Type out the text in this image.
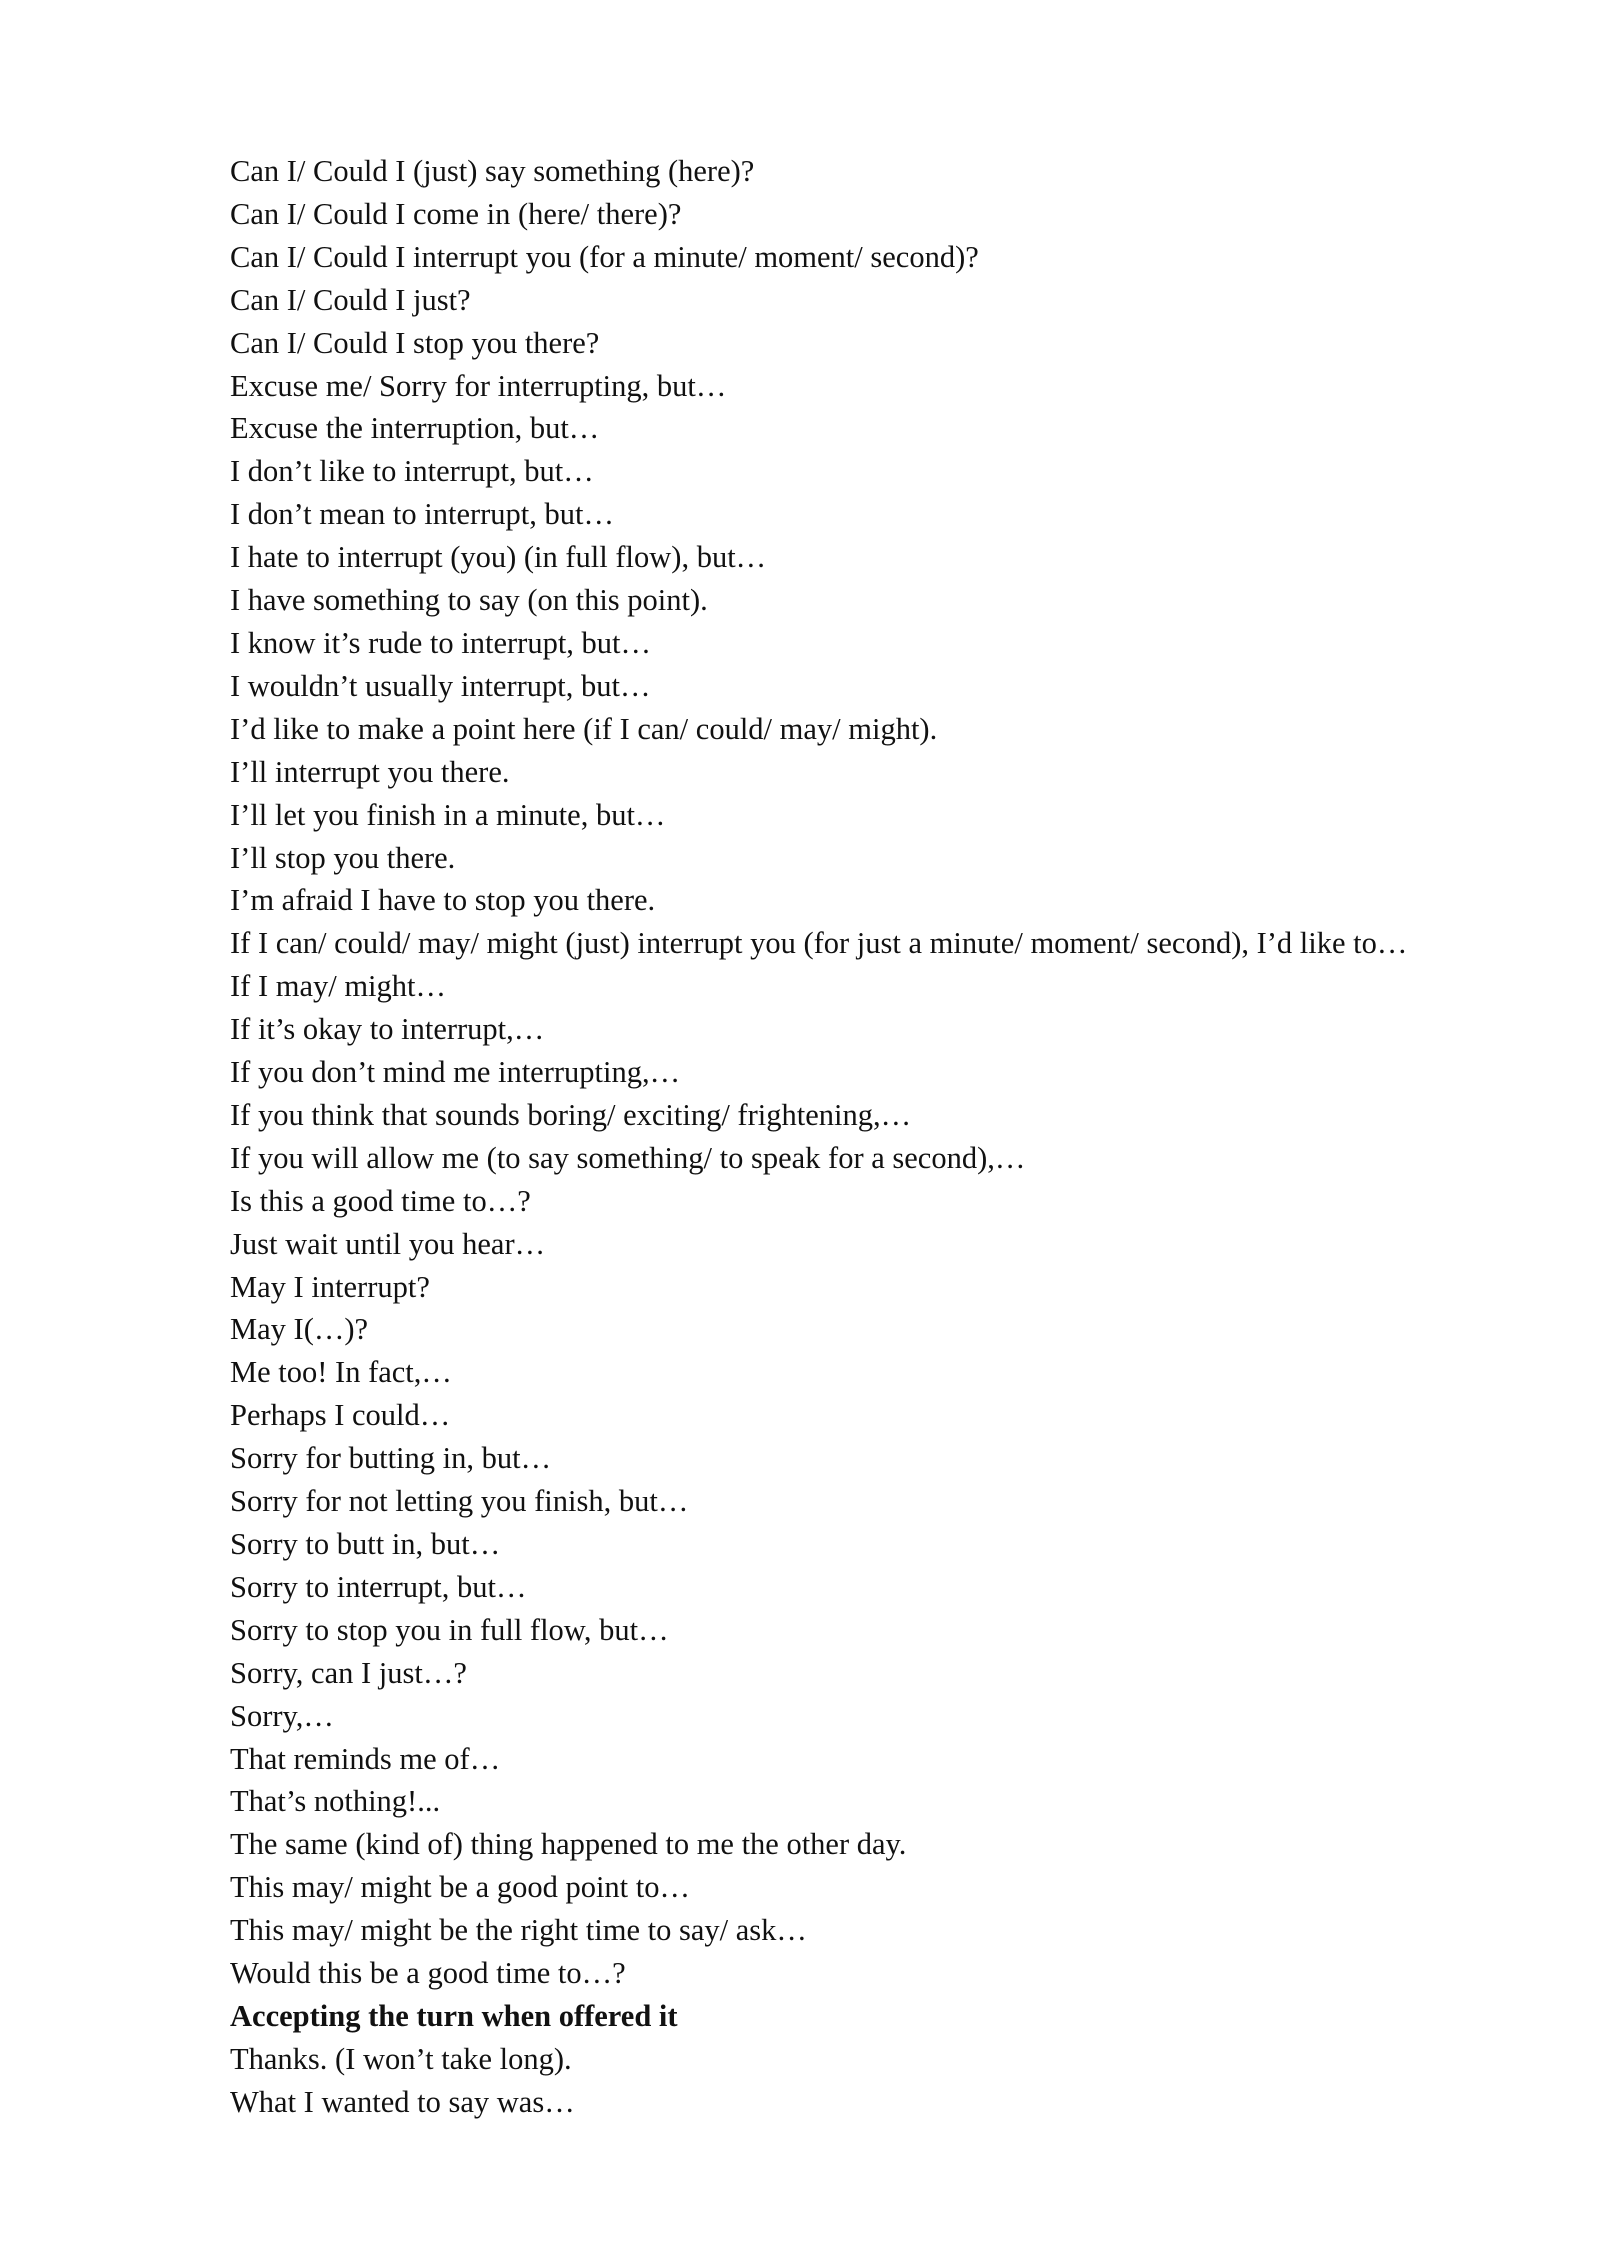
Can I/ Could I (just) say something (here)?
Can I/ Could I come in (here/ there)?
Can I/ Could I interrupt you (for a minute/ moment/ second)?
Can I/ Could I just?
Can I/ Could I stop you there?
Excuse me/ Sorry for interrupting, but…
Excuse the interruption, but…
I don’t like to interrupt, but…
I don’t mean to interrupt, but…
I hate to interrupt (you) (in full flow), but…
I have something to say (on this point).
I know it’s rude to interrupt, but…
I wouldn’t usually interrupt, but…
I’d like to make a point here (if I can/ could/ may/ might).
I’ll interrupt you there.
I’ll let you finish in a minute, but…
I’ll stop you there.
I’m afraid I have to stop you there.
If I can/ could/ may/ might (just) interrupt you (for just a minute/ moment/ second), I’d like to…
If I may/ might…
If it’s okay to interrupt,…
If you don’t mind me interrupting,…
If you think that sounds boring/ exciting/ frightening,…
If you will allow me (to say something/ to speak for a second),…
Is this a good time to…?
Just wait until you hear…
May I interrupt?
May I(…)?
Me too! In fact,…
Perhaps I could…
Sorry for butting in, but…
Sorry for not letting you finish, but…
Sorry to butt in, but…
Sorry to interrupt, but…
Sorry to stop you in full flow, but…
Sorry, can I just…?
Sorry,…
That reminds me of…
That’s nothing!...
The same (kind of) thing happened to me the other day.
This may/ might be a good point to…
This may/ might be the right time to say/ ask…
Would this be a good time to…?
Accepting the turn when offered it
Thanks. (I won’t take long).
What I wanted to say was…
